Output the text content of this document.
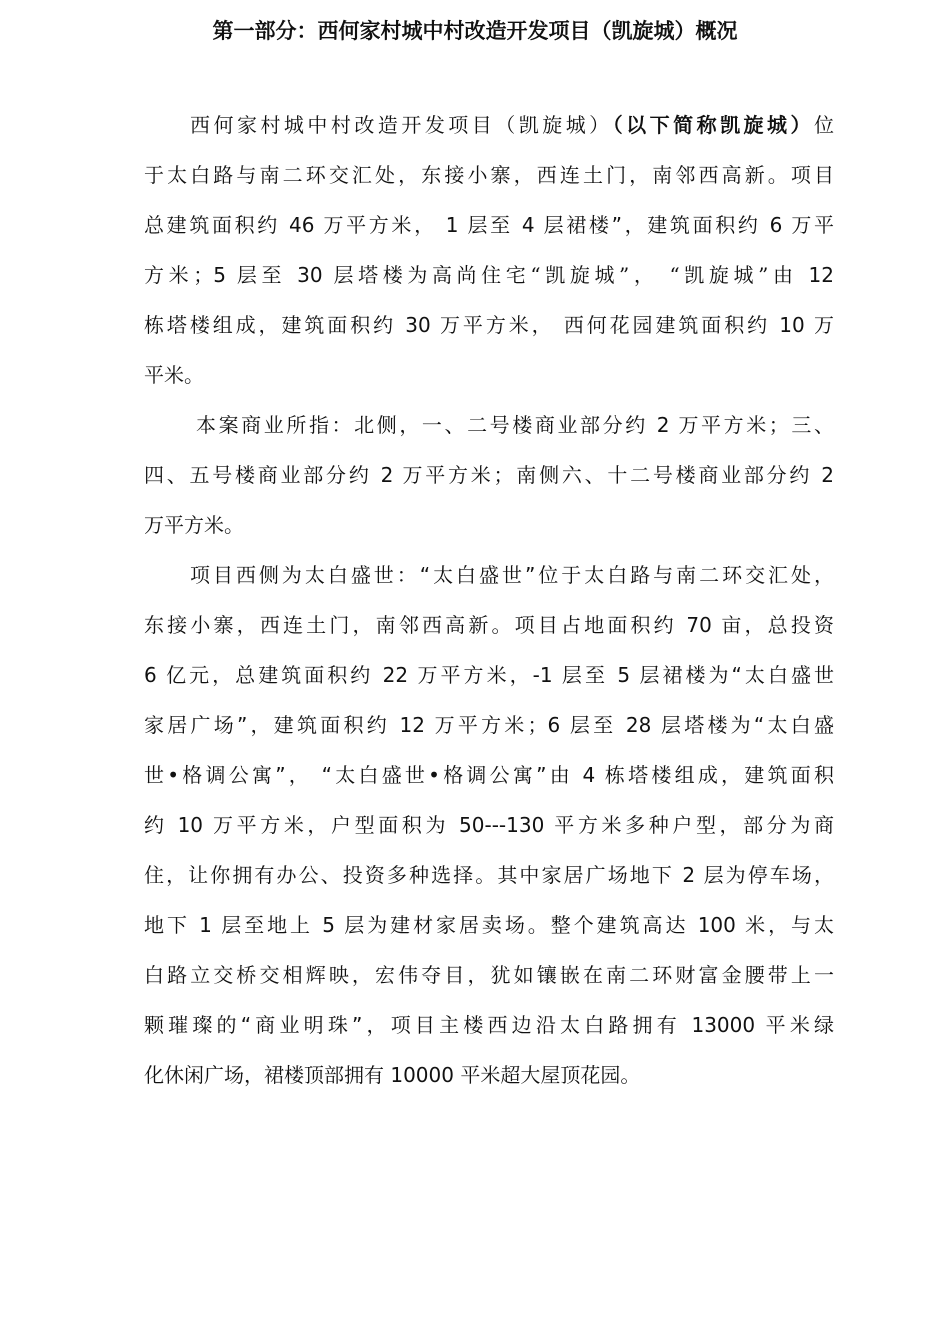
第一部分：西何家村城中村改造开发项目（凯旋城）概况
西何家村城中村改造开发项目（凯旋城）（以下简称凯旋城）位
于太白路与南二环交汇处，东接小寨，西连土门，南邻西高新。项目
总建筑面积约 46 万平方米， 1 层至 4 层裙楼”，建筑面积约 6 万平
方米；5 层至 30 层塔楼为高尚住宅“凯旋城”， “凯旋城”由 12
栋塔楼组成，建筑面积约 30 万平方米， 西何花园建筑面积约 10 万
平米。
本案商业所指：北侧，一、二号楼商业部分约 2 万平方米；三、
四、五号楼商业部分约 2 万平方米；南侧六、十二号楼商业部分约 2
万平方米。
项目西侧为太白盛世：“太白盛世”位于太白路与南二环交汇处，
东接小寨，西连土门，南邻西高新。项目占地面积约 70 亩，总投资
6 亿元，总建筑面积约 22 万平方米，-1 层至 5 层裙楼为“太白盛世
家居广场”，建筑面积约 12 万平方米；6 层至 28 层塔楼为“太白盛
世•格调公寓”， “太白盛世•格调公寓”由 4 栋塔楼组成，建筑面积
约 10 万平方米，户型面积为 50---130 平方米多种户型，部分为商
住，让你拥有办公、投资多种选择。其中家居广场地下 2 层为停车场，
地下 1 层至地上 5 层为建材家居卖场。整个建筑高达 100 米，与太
白路立交桥交相辉映，宏伟夺目，犹如镶嵌在南二环财富金腰带上一
颗璀璨的“商业明珠”，项目主楼西边沿太白路拥有 13000 平米绿
化休闲广场，裙楼顶部拥有 10000 平米超大屋顶花园。
